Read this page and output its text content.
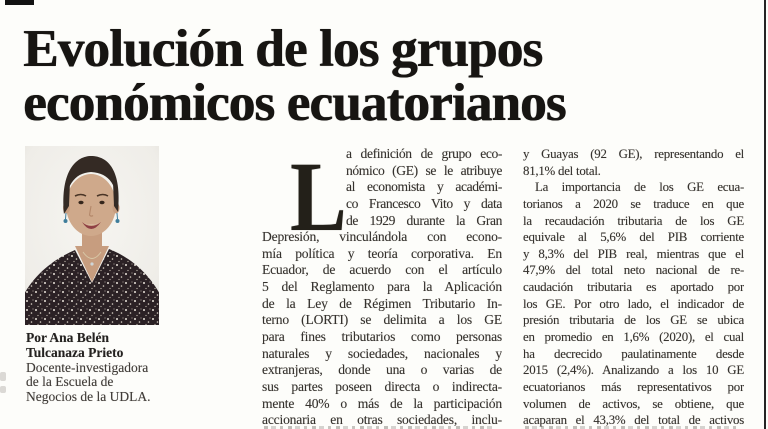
Evolución de los grupos
económicos ecuatorianos
Por Ana Belén
Tulcanaza Prieto
Docente-investigadora
de la Escuela de
Negocios de la UDLA.
L a definición de grupo eco-
nómico (GE) se le atribuye
al economista y académi-
co Francesco Vito y data
de 1929 durante la Gran
Depresión, vinculándola con econo-
mía política y teoría corporativa. En
Ecuador, de acuerdo con el artículo
5 del Reglamento para la Aplicación
de la Ley de Régimen Tributario In-
terno (LORTI) se delimita a los GE
para fines tributarios como personas
naturales y sociedades, nacionales y
extranjeras, donde una o varias de
sus partes poseen directa o indirecta-
mente 40% o más de la participación
accionaria en otras sociedades, inclu-
y Guayas (92 GE), representando el
81,1% del total.
La importancia de los GE ecua-
torianos a 2020 se traduce en que
la recaudación tributaria de los GE
equivale al 5,6% del PIB corriente
y 8,3% del PIB real, mientras que el
47,9% del total neto nacional de re-
caudación tributaria es aportado por
los GE. Por otro lado, el indicador de
presión tributaria de los GE se ubica
en promedio en 1,6% (2020), el cual
ha decrecido paulatinamente desde
2015 (2,4%). Analizando a los 10 GE
ecuatorianos más representativos por
volumen de activos, se obtiene, que
acaparan el 43,3% del total de activos
